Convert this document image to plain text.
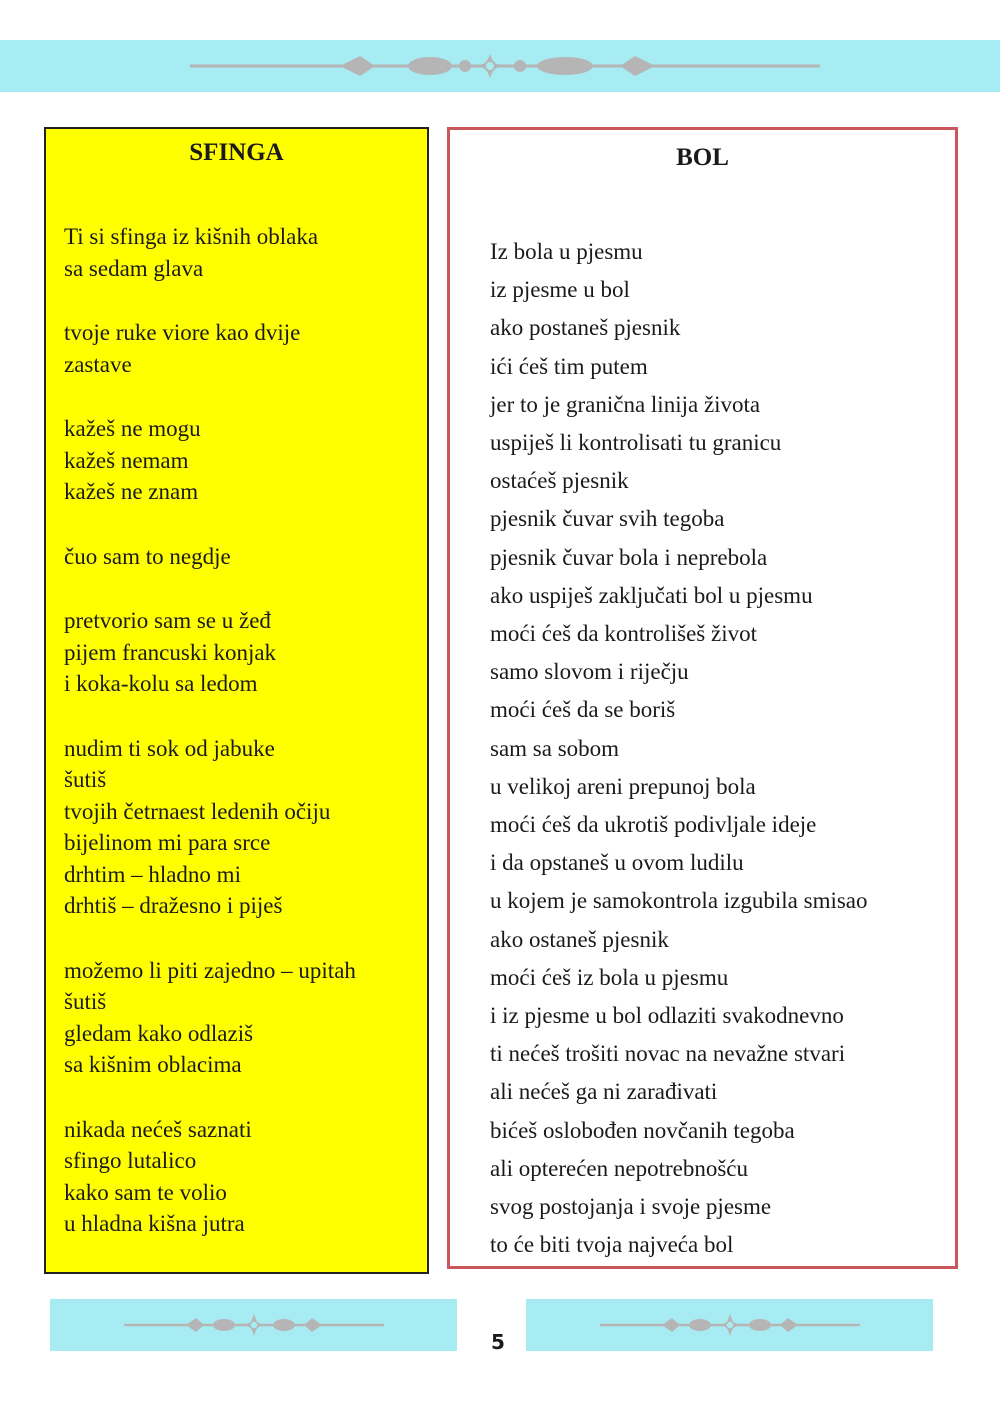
SFINGA
Ti si sfinga iz kišnih oblaka
sa sedam glava
tvoje ruke viore kao dvije
zastave
kažeš ne mogu
kažeš nemam
kažeš ne znam
čuo sam to negdje
pretvorio sam se u žeđ
pijem francuski konjak
i koka-kolu sa ledom
nudim ti sok od jabuke
šutiš
tvojih četrnaest ledenih očiju
bijelinom mi para srce
drhtim – hladno mi
drhtiš – dražesno i piješ
možemo li piti zajedno – upitah
šutiš
gledam kako odlaziš
sa kišnim oblacima
nikada nećeš saznati
sfingo lutalico
kako sam te volio
u hladna kišna jutra
BOL
Iz bola u pjesmu
iz pjesme u bol
ako postaneš pjesnik
ići ćeš tim putem
jer to je granična linija života
uspiješ li kontrolisati tu granicu
ostaćeš pjesnik
pjesnik čuvar svih tegoba
pjesnik čuvar bola i neprebola
ako uspiješ zaključati bol u pjesmu
moći ćeš da kontrolišeš život
samo slovom i riječju
moći ćeš da se boriš
sam sa sobom
u velikoj areni prepunoj bola
moći ćeš da ukrotiš podivljale ideje
i da opstaneš u ovom ludilu
u kojem je samokontrola izgubila smisao
ako ostaneš pjesnik
moći ćeš iz bola u pjesmu
i iz pjesme u bol odlaziti svakodnevno
ti nećeš trošiti novac na nevažne stvari
ali nećeš ga ni zarađivati
bićeš oslobođen novčanih tegoba
ali opterećen nepotrebnošću
svog postojanja i svoje pjesme
to će biti tvoja najveća bol
5
